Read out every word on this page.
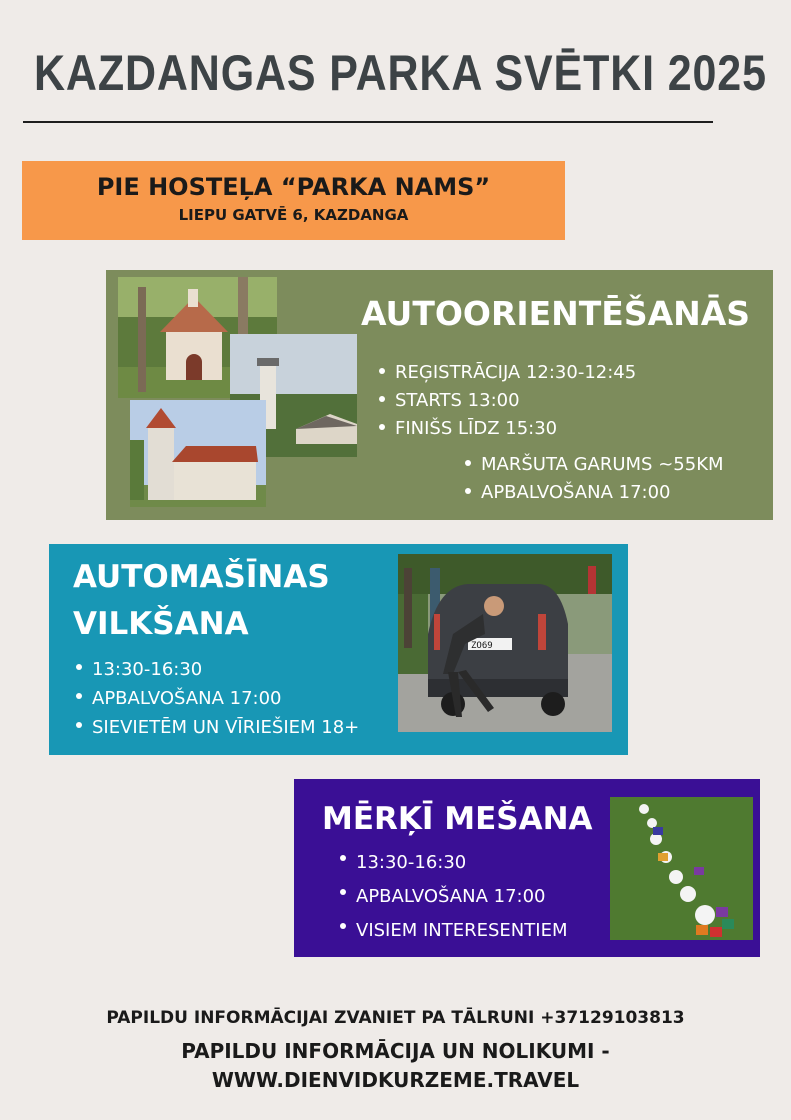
KAZDANGAS PARKA SVĒTKI 2025
PIE HOSTEĻA “PARKA NAMS”
LIEPU GATVĒ 6, KAZDANGA
AUTOORIENTĒŠANĀS
REĢISTRĀCIJA 12:30-12:45
STARTS 13:00
FINIŠS LĪDZ 15:30
MARŠUTA GARUMS ~55KM
APBALVOŠANA 17:00
AUTOMAŠĪNAS
VILKŠANA
13:30-16:30
APBALVOŠANA 17:00
SIEVIETĒM UN VĪRIEŠIEM 18+
ZO69
MĒRĶĪ MEŠANA
13:30-16:30
APBALVOŠANA 17:00
VISIEM INTERESENTIEM
PAPILDU INFORMĀCIJAI ZVANIET PA TĀLRUNI +37129103813
PAPILDU INFORMĀCIJA UN NOLIKUMI -
WWW.DIENVIDKURZEME.TRAVEL
